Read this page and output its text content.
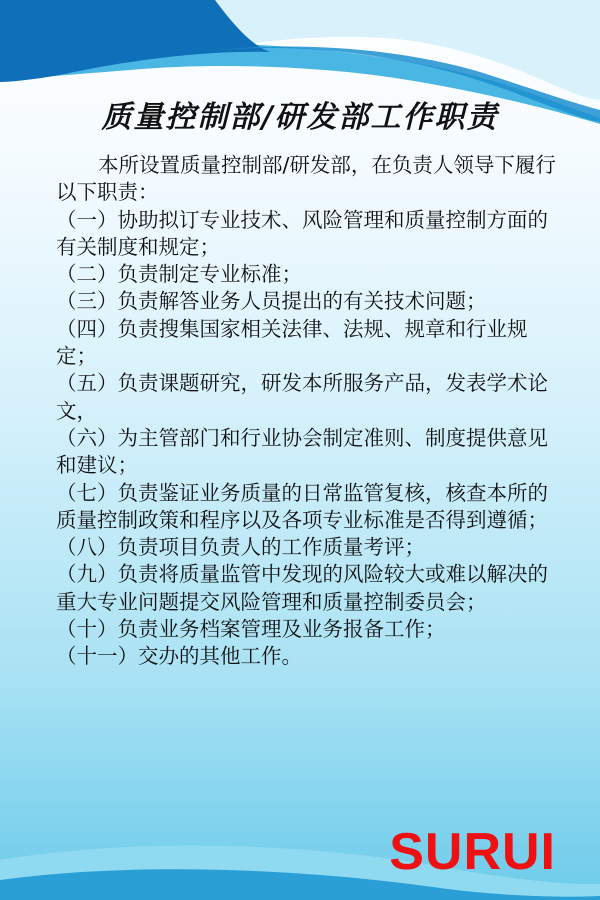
质量控制部/研发部工作职责

本所设置质量控制部/研发部，在负责人领导下履行以下职责：

（一）协助拟订专业技术、风险管理和质量控制方面的有关制度和规定；

（二）负责制定专业标准；

（三）负责解答业务人员提出的有关技术问题；

（四）负责搜集国家相关法律、法规、规章和行业规定；

（五）负责课题研究，研发本所服务产品，发表学术论文，

（六）为主管部门和行业协会制定准则、制度提供意见和建议；

（七）负责鉴证业务质量的日常监管复核，核查本所的质量控制政策和程序以及各项专业标准是否得到遵循；

（八）负责项目负责人的工作质量考评；

（九）负责将质量监管中发现的风险较大或难以解决的重大专业问题提交风险管理和质量控制委员会；

（十）负责业务档案管理及业务报备工作；

（十一）交办的其他工作。

SURUI
